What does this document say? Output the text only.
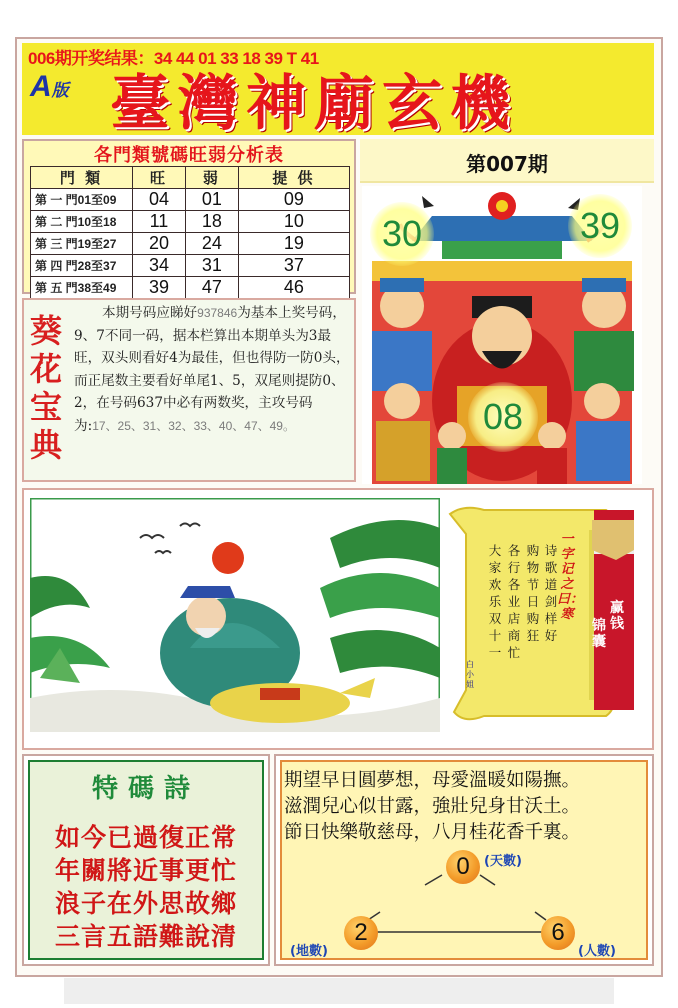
006期开奖结果：34 44 01 33 18 39 T 41
A版 臺灣神廟玄機
各門類號碼旺弱分析表
門 類	旺	弱	提 供
第 一 門01至09	04	01	09
第 二 門10至18	11	18	10
第 三 門19至27	20	24	19
第 四 門28至37	34	31	37
第 五 門38至49	39	47	46
第007期
30	39
08
葵
花
宝
典
本期号码应睇好937846为基本上奖号码，9、7不同一码，据本栏算出本期单头为3最旺，双头则看好4为最佳，但也得防一防0头，而正尾数主要看好单尾1、5，双尾则提防0、2，在号码637中必有两数奖，主攻号码为:17、25、31、32、33、40、47、49。
一字记之曰：寒
诗歌道剑样好
购物节日购狂
各行各业店商忙
大家欢乐双十一
白小姐
赢钱
锦囊
特碼詩
如今已過復正常
年關將近事更忙
浪子在外思故鄉
三言五語難說清
期望早日圓夢想，母愛溫暖如陽撫。
滋潤兒心似甘露，強壯兒身甘沃土。
節日快樂敬慈母，八月桂花香千裏。
0	(天數)
2
(地數)
6
(人數)
